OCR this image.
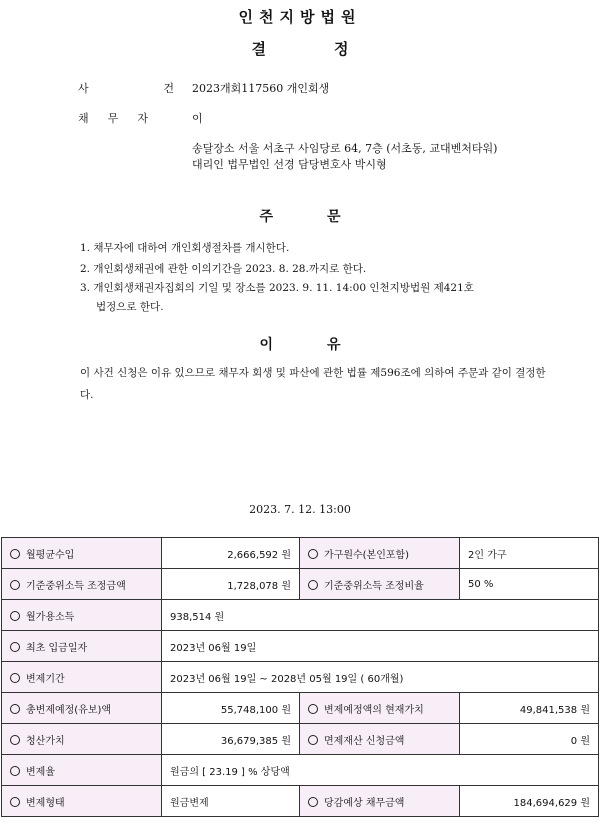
인천지방법원
결	정
사	건 2023개회117560 개인회생
채 무 자	이
송달장소 서울 서초구 사임당로 64, 7층 (서초동, 교대벤처타워)
대리인 법무법인 선경 담당변호사 박시형
주	문
1. 채무자에 대하여 개인회생절차를 개시한다.
2. 개인회생채권에 관한 이의기간을 2023. 8. 28.까지로 한다.
3. 개인회생채권자집회의 기일 및 장소를 2023. 9. 11. 14:00 인천지방법원 제421호
법정으로 한다.
이	유
이 사건 신청은 이유 있으므로 채무자 회생 및 파산에 관한 법률 제596조에 의하여 주문과 같이 결정한다.
2023. 7. 12. 13:00
월평균수입	2,666,592 원	가구원수(본인포함)	2인 가구
기준중위소득 조정금액	1,728,078 원	기준중위소득 조정비율	50 %
월가용소득	938,514 원		
최초 입금일자	2023년 06월 19일		
변제기간	2023년 06월 19일 ~ 2028년 05월 19일 ( 60개월)		
총변제예정(유보)액	55,748,100 원	변제예정액의 현재가치	49,841,538 원
청산가치	36,679,385 원	면제재산 신청금액	0 원
변제율	원금의 [ 23.19 ] % 상당액		
변제형태	원금변제	당감예상 채무금액	184,694,629 원
